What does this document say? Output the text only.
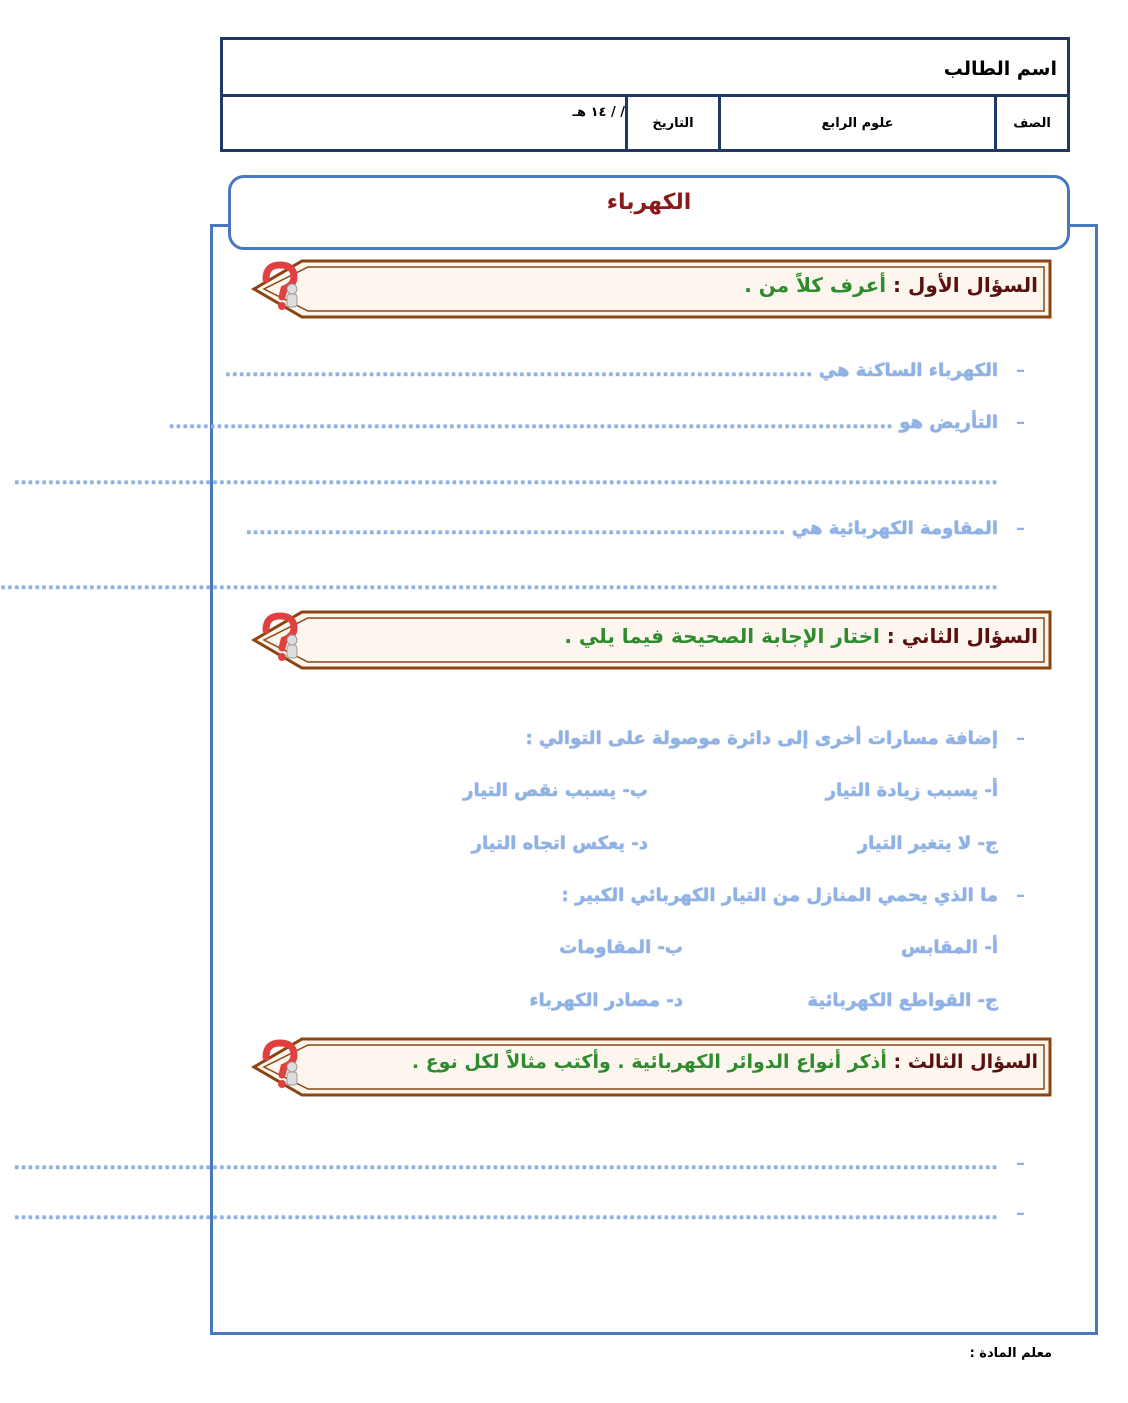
اسم الطالب
الصف
علوم الرابع
التاريخ
/ / ١٤ هـ
الكهرباء
السؤال الأول : أعرف كلاً من .
–
الكهرباء الساكنة هي ......................................................................................
–
التأريض هو ..........................................................................................................
................................................................................................................................................
–
المقاومة الكهربائية هي ...............................................................................
..................................................................................................................................................
السؤال الثاني : اختار الإجابة الصحيحة فيما يلي .
–
إضافة مسارات أخرى إلى دائرة موصولة على التوالي :
أ- يسبب زيادة التيار
ب- يسبب نقص التيار
ج- لا يتغير التيار
د- يعكس اتجاه التيار
–
ما الذي يحمي المنازل من التيار الكهربائي الكبير :
أ- المقابس
ب- المقاومات
ج- القواطع الكهربائية
د- مصادر الكهرباء
السؤال الثالث : أذكر أنواع الدوائر الكهربائية . وأكتب مثالاً لكل نوع .
–
................................................................................................................................................
–
................................................................................................................................................
معلم المادة :
